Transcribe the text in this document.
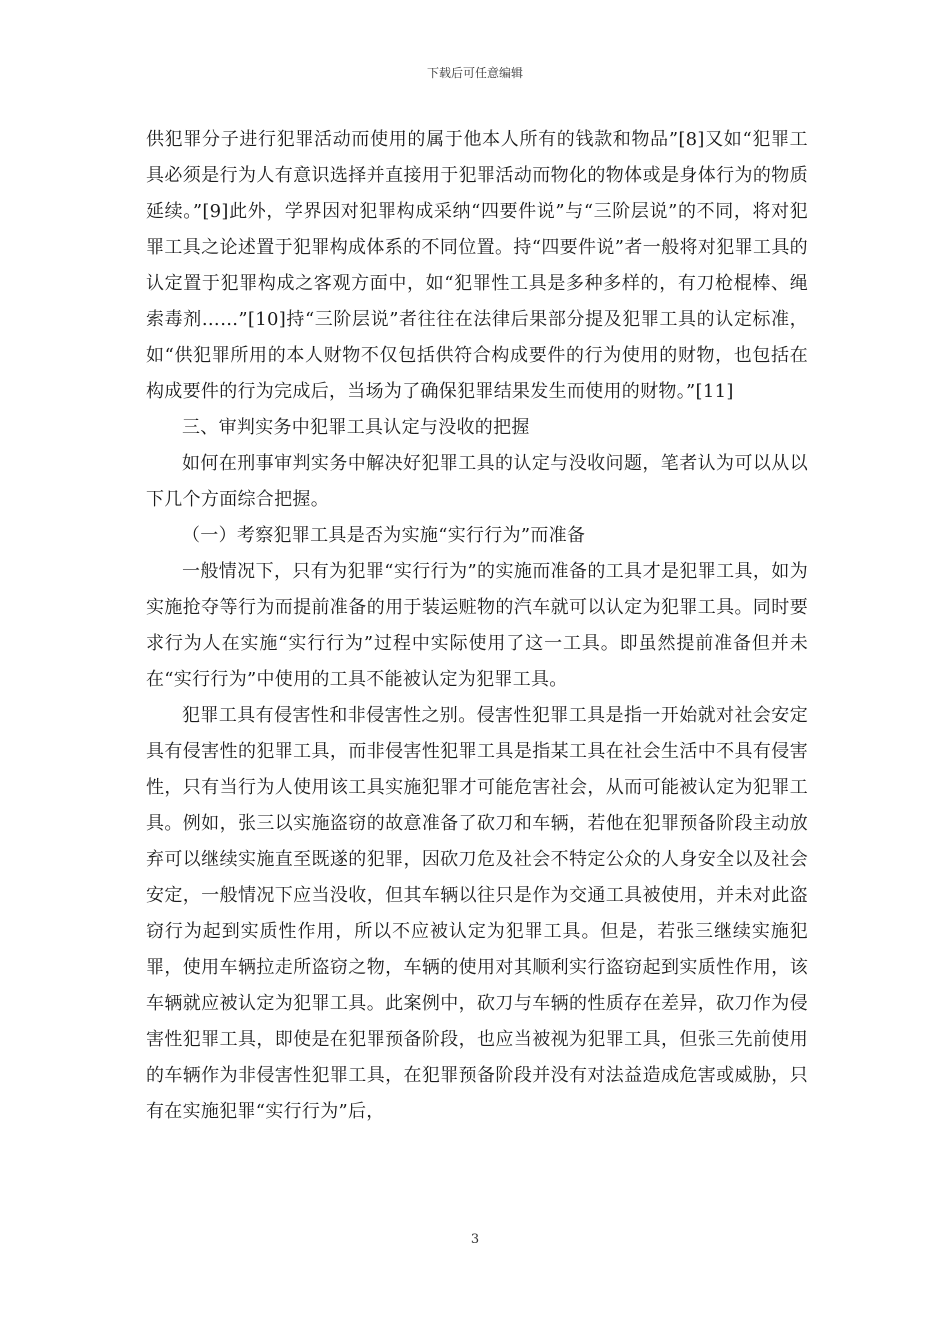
下载后可任意编辑

供犯罪分子进行犯罪活动而使用的属于他本人所有的钱款和物品”[8]又如“犯罪工具必须是行为人有意识选择并直接用于犯罪活动而物化的物体或是身体行为的物质延续。”[9]此外，学界因对犯罪构成采纳“四要件说”与“三阶层说”的不同，将对犯罪工具之论述置于犯罪构成体系的不同位置。持“四要件说”者一般将对犯罪工具的认定置于犯罪构成之客观方面中，如“犯罪性工具是多种多样的，有刀枪棍棒、绳索毒剂……”[10]持“三阶层说”者往往在法律后果部分提及犯罪工具的认定标准，如“供犯罪所用的本人财物不仅包括供符合构成要件的行为使用的财物，也包括在构成要件的行为完成后，当场为了确保犯罪结果发生而使用的财物。”[11]

三、审判实务中犯罪工具认定与没收的把握

如何在刑事审判实务中解决好犯罪工具的认定与没收问题，笔者认为可以从以下几个方面综合把握。

（一）考察犯罪工具是否为实施“实行行为”而准备

一般情况下，只有为犯罪“实行行为”的实施而准备的工具才是犯罪工具，如为实施抢夺等行为而提前准备的用于装运赃物的汽车就可以认定为犯罪工具。同时要求行为人在实施“实行行为”过程中实际使用了这一工具。即虽然提前准备但并未在“实行行为”中使用的工具不能被认定为犯罪工具。

犯罪工具有侵害性和非侵害性之别。侵害性犯罪工具是指一开始就对社会安定具有侵害性的犯罪工具，而非侵害性犯罪工具是指某工具在社会生活中不具有侵害性，只有当行为人使用该工具实施犯罪才可能危害社会，从而可能被认定为犯罪工具。例如，张三以实施盗窃的故意准备了砍刀和车辆，若他在犯罪预备阶段主动放弃可以继续实施直至既遂的犯罪，因砍刀危及社会不特定公众的人身安全以及社会安定，一般情况下应当没收，但其车辆以往只是作为交通工具被使用，并未对此盗窃行为起到实质性作用，所以不应被认定为犯罪工具。但是，若张三继续实施犯罪，使用车辆拉走所盗窃之物，车辆的使用对其顺利实行盗窃起到实质性作用，该车辆就应被认定为犯罪工具。此案例中，砍刀与车辆的性质存在差异，砍刀作为侵害性犯罪工具，即使是在犯罪预备阶段，也应当被视为犯罪工具，但张三先前使用的车辆作为非侵害性犯罪工具，在犯罪预备阶段并没有对法益造成危害或威胁，只有在实施犯罪“实行行为”后，

3
